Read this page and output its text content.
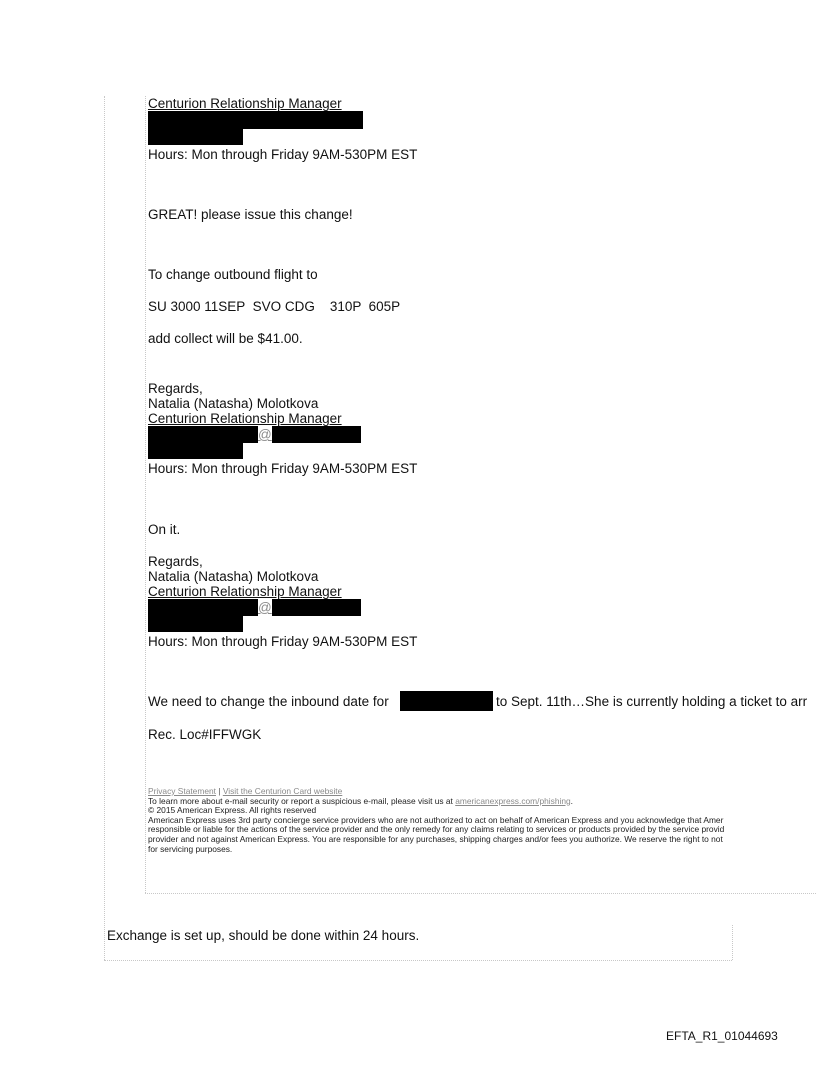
Centurion Relationship Manager
Hours: Mon through Friday 9AM-530PM EST
GREAT! please issue this change!
To change outbound flight to
SU 3000 11SEP  SVO CDG    310P  605P
add collect will be $41.00.
Regards,
Natalia (Natasha) Molotkova
Centurion Relationship Manager
@
Hours: Mon through Friday 9AM-530PM EST
On it.
Regards,
Natalia (Natasha) Molotkova
Centurion Relationship Manager
@
Hours: Mon through Friday 9AM-530PM EST
We need to change the inbound date for	to Sept. 11th…She is currently holding a ticket to arr
Rec. Loc#IFFWGK

Privacy Statement | Visit the Centurion Card website

To learn more about e-mail security or report a suspicious e-mail, please visit us at americanexpress.com/phishing.

© 2015 American Express. All rights reserved

American Express uses 3rd party concierge service providers who are not authorized to act on behalf of American Express and you acknowledge that Amer

responsible or liable for the actions of the service provider and the only remedy for any claims relating to services or products provided by the service provid

provider and not against American Express. You are responsible for any purchases, shipping charges and/or fees you authorize. We reserve the right to not

for servicing purposes.

Exchange is set up, should be done within 24 hours.
EFTA_R1_01044693
